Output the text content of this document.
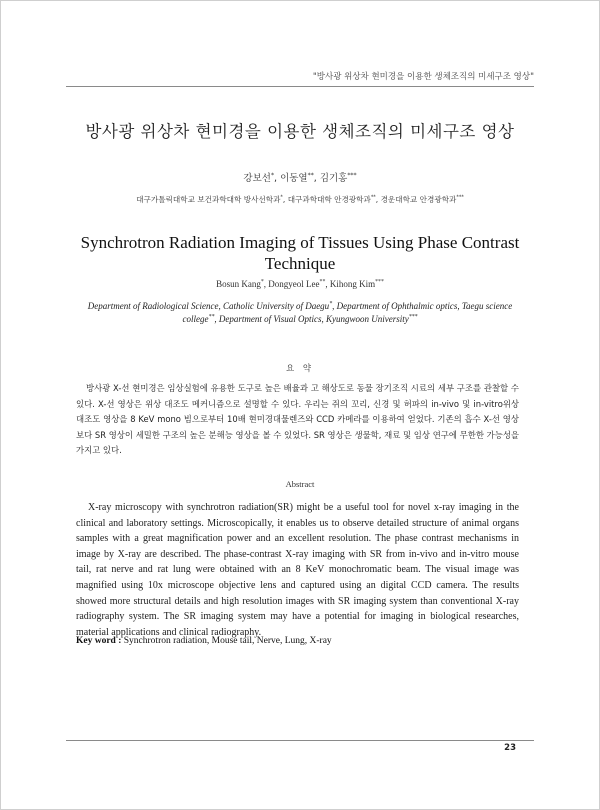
"방사광 위상차 현미경을 이용한 생체조직의 미세구조 영상"
방사광 위상차 현미경을 이용한 생체조직의 미세구조 영상
강보선*, 이동열**, 김기홍***
대구가톨릭대학교 보건과학대학 방사선학과*, 대구과학대학 안경광학과**, 경운대학교 안경광학과***
Synchrotron Radiation Imaging of Tissues Using Phase Contrast Technique
Bosun Kang*, Dongyeol Lee**, Kihong Kim***
Department of Radiological Science, Catholic University of Daegu*, Department of Ophthalmic optics, Taegu science college**, Department of Visual Optics, Kyungwoon University***
요 약

방사광 X-선 현미경은 임상실험에 유용한 도구로 높은 배율과 고 해상도로 동물 장기조직 시료의 세부 구조를 관찰할 수 있다. X-선 영상은 위상 대조도 메커니즘으로 설명할 수 있다. 우리는 쥐의 꼬리, 신경 및 허파의 in-vivo 및 in-vitro위상 대조도 영상을 8 KeV mono 빔으로부터 10배 현미경대물렌즈와 CCD 카메라를 이용하여 얻었다. 기존의 흡수 X-선 영상 보다 SR 영상이 세밀한 구조의 높은 분해능 영상을 볼 수 있었다. SR 영상은 생물학, 재료 및 임상 연구에 무한한 가능성을 가지고 있다.

Abstract

X-ray microscopy with synchrotron radiation(SR) might be a useful tool for novel x-ray imaging in the clinical and laboratory settings. Microscopically, it enables us to observe detailed structure of animal organs samples with a great magnification power and an excellent resolution. The phase contrast mechanisms in image by X-ray are described. The phase-contrast X-ray imaging with SR from in-vivo and in-vitro mouse tail, rat nerve and rat lung were obtained with an 8 KeV monochromatic beam. The visual image was magnified using 10x microscope objective lens and captured using an digital CCD camera. The results showed more structural details and high resolution images with SR imaging system than conventional X-ray radiography system. The SR imaging system may have a potential for imaging in biological researches, material applications and clinical radiography.

Key word : Synchrotron radiation, Mouse tail, Nerve, Lung, X-ray
23
